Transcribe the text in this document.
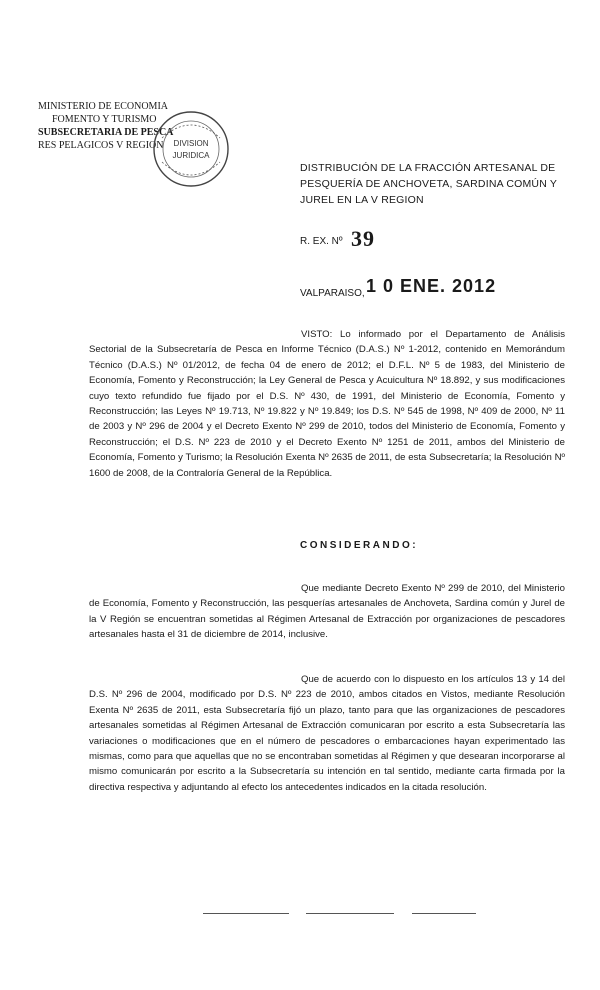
MINISTERIO DE ECONOMIA
FOMENTO Y TURISMO
SUBSECRETARIA DE PESCA
RES PELAGICOS V REGION	DIVISION
JURIDICA
DISTRIBUCIÓN DE LA FRACCIÓN ARTESANAL DE PESQUERÍA DE ANCHOVETA, SARDINA COMÚN Y JUREL EN LA V REGION
R. EX. Nº 39
VALPARAISO, 1 0 ENE. 2012
VISTO: Lo informado por el Departamento de Análisis Sectorial de la Subsecretaría de Pesca en Informe Técnico (D.A.S.) Nº 1-2012, contenido en Memorándum Técnico (D.A.S.) Nº 01/2012, de fecha 04 de enero de 2012; el D.F.L. Nº 5 de 1983, del Ministerio de Economía, Fomento y Reconstrucción; la Ley General de Pesca y Acuicultura Nº 18.892, y sus modificaciones cuyo texto refundido fue fijado por el D.S. Nº 430, de 1991, del Ministerio de Economía, Fomento y Reconstrucción; las Leyes Nº 19.713, Nº 19.822 y Nº 19.849; los D.S. Nº 545 de 1998, Nº 409 de 2000, Nº 11 de 2003 y Nº 296 de 2004 y el Decreto Exento Nº 299 de 2010, todos del Ministerio de Economía, Fomento y Reconstrucción; el D.S. Nº 223 de 2010 y el Decreto Exento Nº 1251 de 2011, ambos del Ministerio de Economía, Fomento y Turismo; la Resolución Exenta Nº 2635 de 2011, de esta Subsecretaría; la Resolución Nº 1600 de 2008, de la Contraloría General de la República.
CONSIDERANDO:
Que mediante Decreto Exento Nº 299 de 2010, del Ministerio de Economía, Fomento y Reconstrucción, las pesquerías artesanales de Anchoveta, Sardina común y Jurel de la V Región se encuentran sometidas al Régimen Artesanal de Extracción por organizaciones de pescadores artesanales hasta el 31 de diciembre de 2014, inclusive.
Que de acuerdo con lo dispuesto en los artículos 13 y 14 del D.S. Nº 296 de 2004, modificado por D.S. Nº 223 de 2010, ambos citados en Vistos, mediante Resolución Exenta Nº 2635 de 2011, esta Subsecretaría fijó un plazo, tanto para que las organizaciones de pescadores artesanales sometidas al Régimen Artesanal de Extracción comunicaran por escrito a esta Subsecretaría las variaciones o modificaciones que en el número de pescadores o embarcaciones hayan experimentado las mismas, como para que aquellas que no se encontraban sometidas al Régimen y que desearan incorporarse al mismo comunicarán por escrito a la Subsecretaría su intención en tal sentido, mediante carta firmada por la directiva respectiva y adjuntando al efecto los antecedentes indicados en la citada resolución.
